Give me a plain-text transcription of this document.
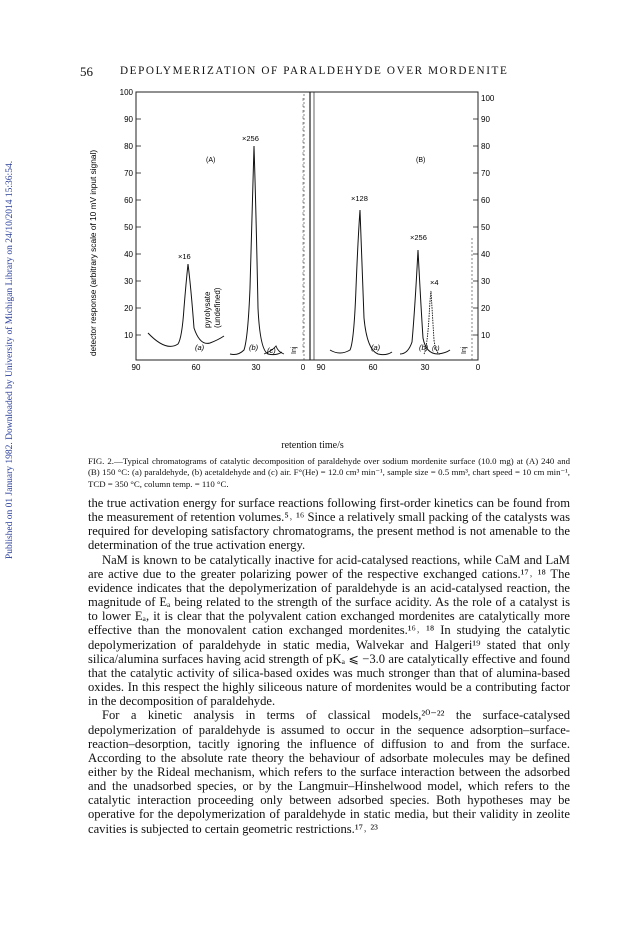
Published on 01 January 1982. Downloaded by University of Michigan Library on 24/10/2014 15:36:54.
56 DEPOLYMERIZATION OF PARALDEHYDE OVER MORDENITE
detector response (arbitrary scale of 10 mV input signal)
100
90
80
70
60
50
40
30
20
10
100
90
80
70
60
50
40
30
20
10
90	60	30	0 90	60	30	0
(A)	(B)
×16
×256
×128
×256
×4
(a)	(b) (c)	(a)	(b) (c)
Inj	Inj
pyrolysate (undefined)
retention time/s
FIG. 2.—Typical chromatograms of catalytic decomposition of paraldehyde over sodium mordenite surface (10.0 mg) at (A) 240 and (B) 150 °C: (a) paraldehyde, (b) acetaldehyde and (c) air. F°(He) = 12.0 cm³ min⁻¹, sample size = 0.5 mm³, chart speed = 10 cm min⁻¹, TCD = 350 °C, column temp. = 110 °C.

the true activation energy for surface reactions following first-order kinetics can be found from the measurement of retention volumes.⁵˒ ¹⁶ Since a relatively small packing of the catalysts was required for developing satisfactory chromatograms, the present method is not amenable to the determination of the true activation energy.

NaM is known to be catalytically inactive for acid-catalysed reactions, while CaM and LaM are active due to the greater polarizing power of the respective exchanged cations.¹⁷˒ ¹⁸ The evidence indicates that the depolymerization of paraldehyde is an acid-catalysed reaction, the magnitude of Eₐ being related to the strength of the surface acidity. As the role of a catalyst is to lower Eₐ, it is clear that the polyvalent cation exchanged mordenites are catalytically more effective than the monovalent cation exchanged mordenites.¹⁶˒ ¹⁸ In studying the catalytic depolymerization of paraldehyde in static media, Walvekar and Halgeri¹⁹ stated that only silica/alumina surfaces having acid strength of pKₐ ⩽ −3.0 are catalytically effective and found that the catalytic activity of silica-based oxides was much stronger than that of alumina-based oxides. In this respect the highly siliceous nature of mordenites would be a contributing factor in the decomposition of paraldehyde.

For a kinetic analysis in terms of classical models,²⁰⁻²² the surface-catalysed depolymerization of paraldehyde is assumed to occur in the sequence adsorption–surface-reaction–desorption, tacitly ignoring the influence of diffusion to and from the surface. According to the absolute rate theory the behaviour of adsorbate molecules may be defined either by the Rideal mechanism, which refers to the surface interaction between the adsorbed and the unadsorbed species, or by the Langmuir–Hinshelwood model, which refers to the catalytic interaction proceeding only between adsorbed species. Both hypotheses may be operative for the depolymerization of paraldehyde in static media, but their validity in zeolite cavities is subjected to certain geometric restrictions.¹⁷˒ ²³
